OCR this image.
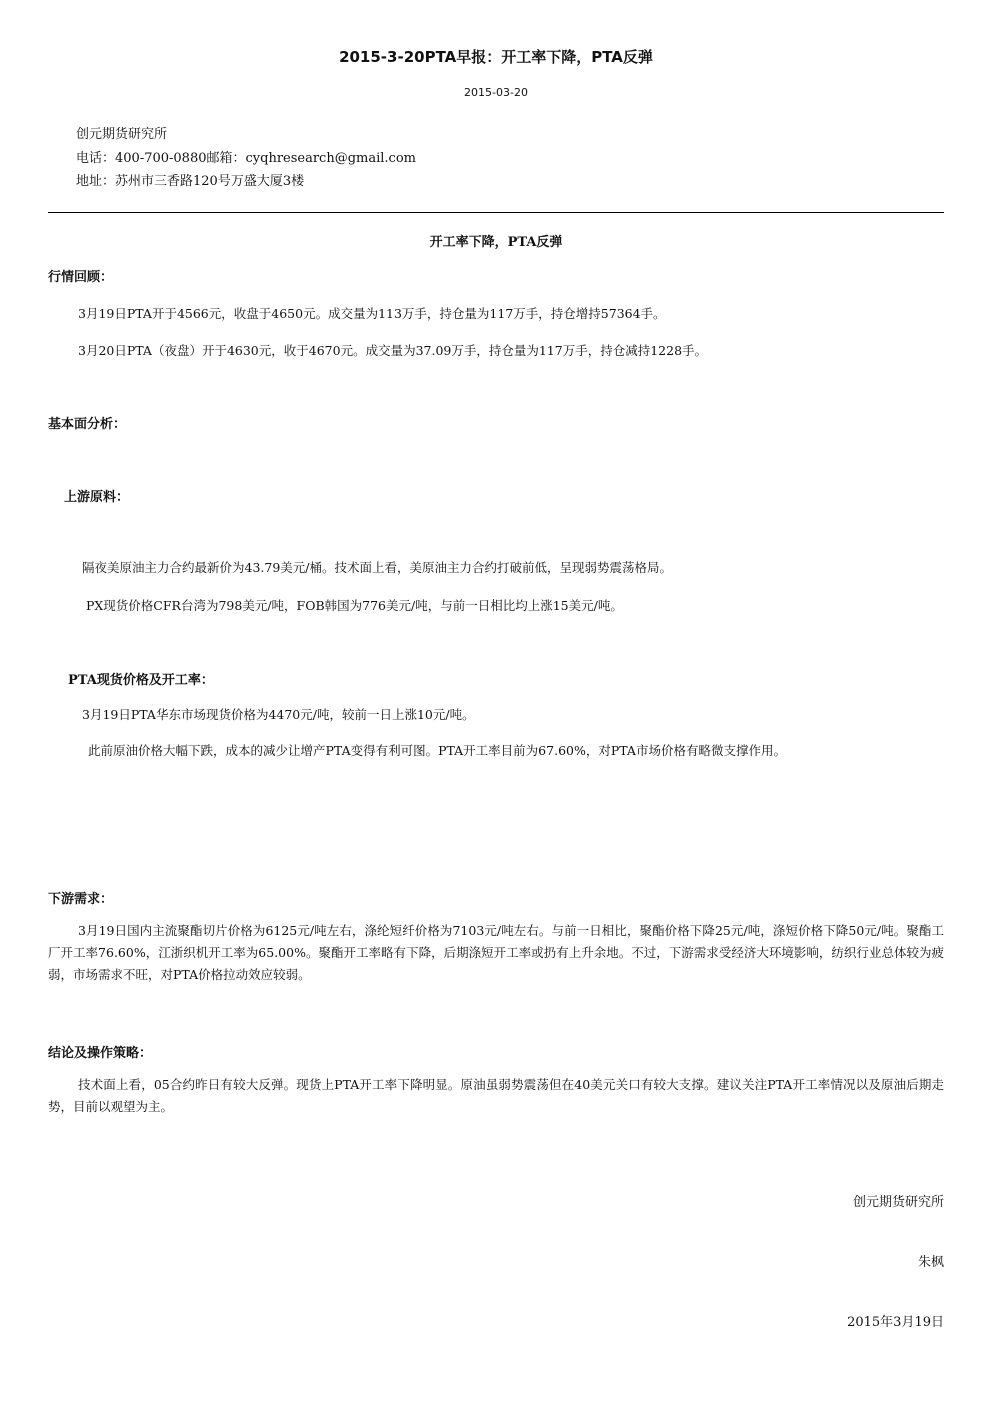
2015-3-20PTA早报：开工率下降，PTA反弹
2015-03-20
创元期货研究所
电话：400-700-0880邮箱：cyqhresearch@gmail.com
地址：苏州市三香路120号万盛大厦3楼
开工率下降，PTA反弹
行情回顾：
3月19日PTA开于4566元，收盘于4650元。成交量为113万手，持仓量为117万手，持仓增持57364手。
3月20日PTA（夜盘）开于4630元，收于4670元。成交量为37.09万手，持仓量为117万手，持仓减持1228手。
基本面分析：
上游原料：
隔夜美原油主力合约最新价为43.79美元/桶。技术面上看，美原油主力合约打破前低，呈现弱势震荡格局。
PX现货价格CFR台湾为798美元/吨，FOB韩国为776美元/吨，与前一日相比均上涨15美元/吨。
PTA现货价格及开工率：
3月19日PTA华东市场现货价格为4470元/吨，较前一日上涨10元/吨。
此前原油价格大幅下跌，成本的减少让增产PTA变得有利可图。PTA开工率目前为67.60%，对PTA市场价格有略微支撑作用。
下游需求：
3月19日国内主流聚酯切片价格为6125元/吨左右，涤纶短纤价格为7103元/吨左右。与前一日相比，聚酯价格下降25元/吨，涤短价格下降50元/吨。聚酯工厂开工率76.60%，江浙织机开工率为65.00%。聚酯开工率略有下降，后期涤短开工率或扔有上升余地。不过，下游需求受经济大环境影响，纺织行业总体较为疲弱，市场需求不旺，对PTA价格拉动效应较弱。
结论及操作策略：
技术面上看，05合约昨日有较大反弹。现货上PTA开工率下降明显。原油虽弱势震荡但在40美元关口有较大支撑。建议关注PTA开工率情况以及原油后期走势，目前以观望为主。
创元期货研究所
朱枫
2015年3月19日
